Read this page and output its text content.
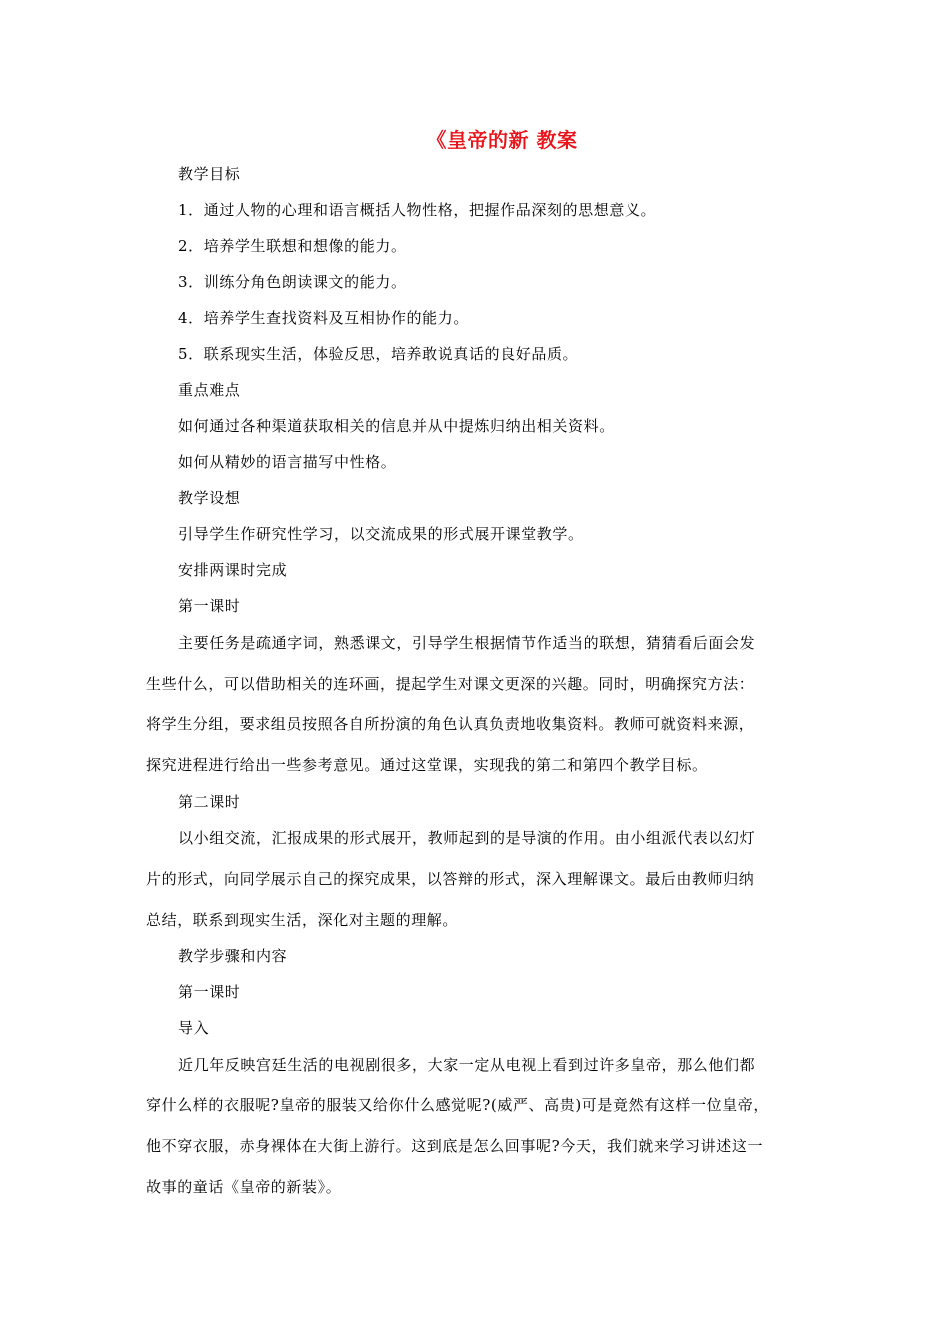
《皇帝的新 教案
教学目标
1．通过人物的心理和语言概括人物性格，把握作品深刻的思想意义。
2．培养学生联想和想像的能力。
3．训练分角色朗读课文的能力。
4．培养学生查找资料及互相协作的能力。
5．联系现实生活，体验反思，培养敢说真话的良好品质。
重点难点
如何通过各种渠道获取相关的信息并从中提炼归纳出相关资料。
如何从精妙的语言描写中性格。
教学设想
引导学生作研究性学习，以交流成果的形式展开课堂教学。
安排两课时完成
第一课时
主要任务是疏通字词，熟悉课文，引导学生根据情节作适当的联想，猜猜看后面会发
生些什么，可以借助相关的连环画，提起学生对课文更深的兴趣。同时，明确探究方法：
将学生分组，要求组员按照各自所扮演的角色认真负责地收集资料。教师可就资料来源，
探究进程进行给出一些参考意见。通过这堂课，实现我的第二和第四个教学目标。
第二课时
以小组交流，汇报成果的形式展开，教师起到的是导演的作用。由小组派代表以幻灯
片的形式，向同学展示自己的探究成果，以答辩的形式，深入理解课文。最后由教师归纳
总结，联系到现实生活，深化对主题的理解。
教学步骤和内容
第一课时
导入
近几年反映宫廷生活的电视剧很多，大家一定从电视上看到过许多皇帝，那么他们都
穿什么样的衣服呢?皇帝的服装又给你什么感觉呢?(威严、高贵)可是竟然有这样一位皇帝，
他不穿衣服，赤身裸体在大街上游行。这到底是怎么回事呢?今天，我们就来学习讲述这一
故事的童话《皇帝的新装》。
